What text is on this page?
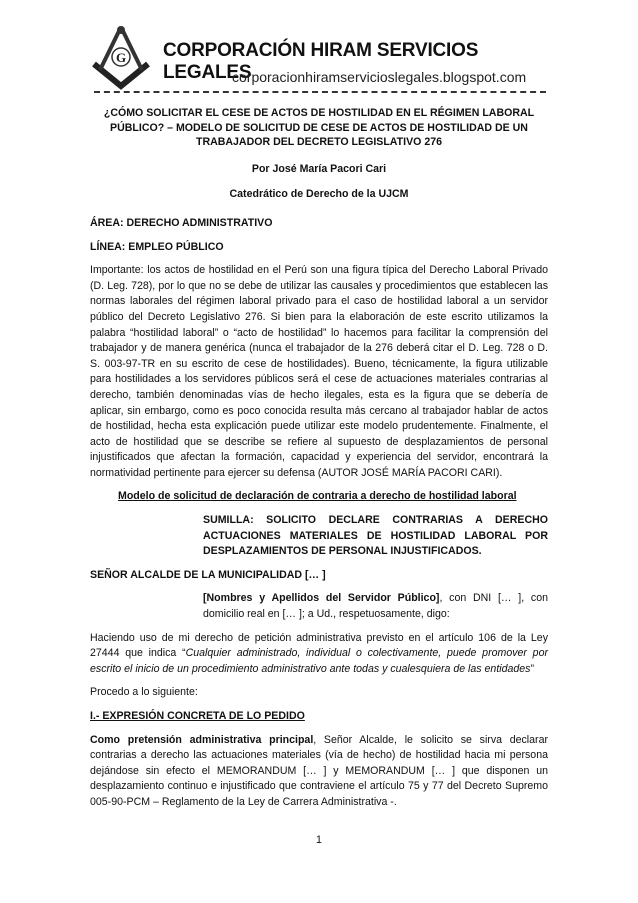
G CORPORACIÓN HIRAM SERVICIOS LEGALES
corporacionhiramservicioslegales.blogspot.com

¿CÓMO SOLICITAR EL CESE DE ACTOS DE HOSTILIDAD EN EL RÉGIMEN LABORAL PÚBLICO? – MODELO DE SOLICITUD DE CESE DE ACTOS DE HOSTILIDAD DE UN TRABAJADOR DEL DECRETO LEGISLATIVO 276

Por José María Pacori Cari

Catedrático de Derecho de la UJCM

ÁREA: DERECHO ADMINISTRATIVO

LÍNEA: EMPLEO PÚBLICO

Importante: los actos de hostilidad en el Perú son una figura típica del Derecho Laboral Privado (D. Leg. 728), por lo que no se debe de utilizar las causales y procedimientos que establecen las normas laborales del régimen laboral privado para el caso de hostilidad laboral a un servidor público del Decreto Legislativo 276. Si bien para la elaboración de este escrito utilizamos la palabra “hostilidad laboral” o “acto de hostilidad” lo hacemos para facilitar la comprensión del trabajador y de manera genérica (nunca el trabajador de la 276 deberá citar el D. Leg. 728 o D. S. 003-97-TR en su escrito de cese de hostilidades). Bueno, técnicamente, la figura utilizable para hostilidades a los servidores públicos será el cese de actuaciones materiales contrarias al derecho, también denominadas vías de hecho ilegales, esta es la figura que se debería de aplicar, sin embargo, como es poco conocida resulta más cercano al trabajador hablar de actos de hostilidad, hecha esta explicación puede utilizar este modelo prudentemente. Finalmente, el acto de hostilidad que se describe se refiere al supuesto de desplazamientos de personal injustificados que afectan la formación, capacidad y experiencia del servidor, encontrará la normatividad pertinente para ejercer su defensa (AUTOR JOSÉ MARÍA PACORI CARI).

Modelo de solicitud de declaración de contraria a derecho de hostilidad laboral

SUMILLA: SOLICITO DECLARE CONTRARIAS A DERECHO ACTUACIONES MATERIALES DE HOSTILIDAD LABORAL POR DESPLAZAMIENTOS DE PERSONAL INJUSTIFICADOS.

SEÑOR ALCALDE DE LA MUNICIPALIDAD [… ]

[Nombres y Apellidos del Servidor Público], con DNI [… ], con domicilio real en [… ]; a Ud., respetuosamente, digo:

Haciendo uso de mi derecho de petición administrativa previsto en el artículo 106 de la Ley 27444 que indica “Cualquier administrado, individual o colectivamente, puede promover por escrito el inicio de un procedimiento administrativo ante todas y cualesquiera de las entidades”

Procedo a lo siguiente:

I.- EXPRESIÓN CONCRETA DE LO PEDIDO

Como pretensión administrativa principal, Señor Alcalde, le solicito se sirva declarar contrarias a derecho las actuaciones materiales (vía de hecho) de hostilidad hacia mi persona dejándose sin efecto el MEMORANDUM [… ] y MEMORANDUM [… ] que disponen un desplazamiento continuo e injustificado que contraviene el artículo 75 y 77 del Decreto Supremo 005-90-PCM – Reglamento de la Ley de Carrera Administrativa -.

1
